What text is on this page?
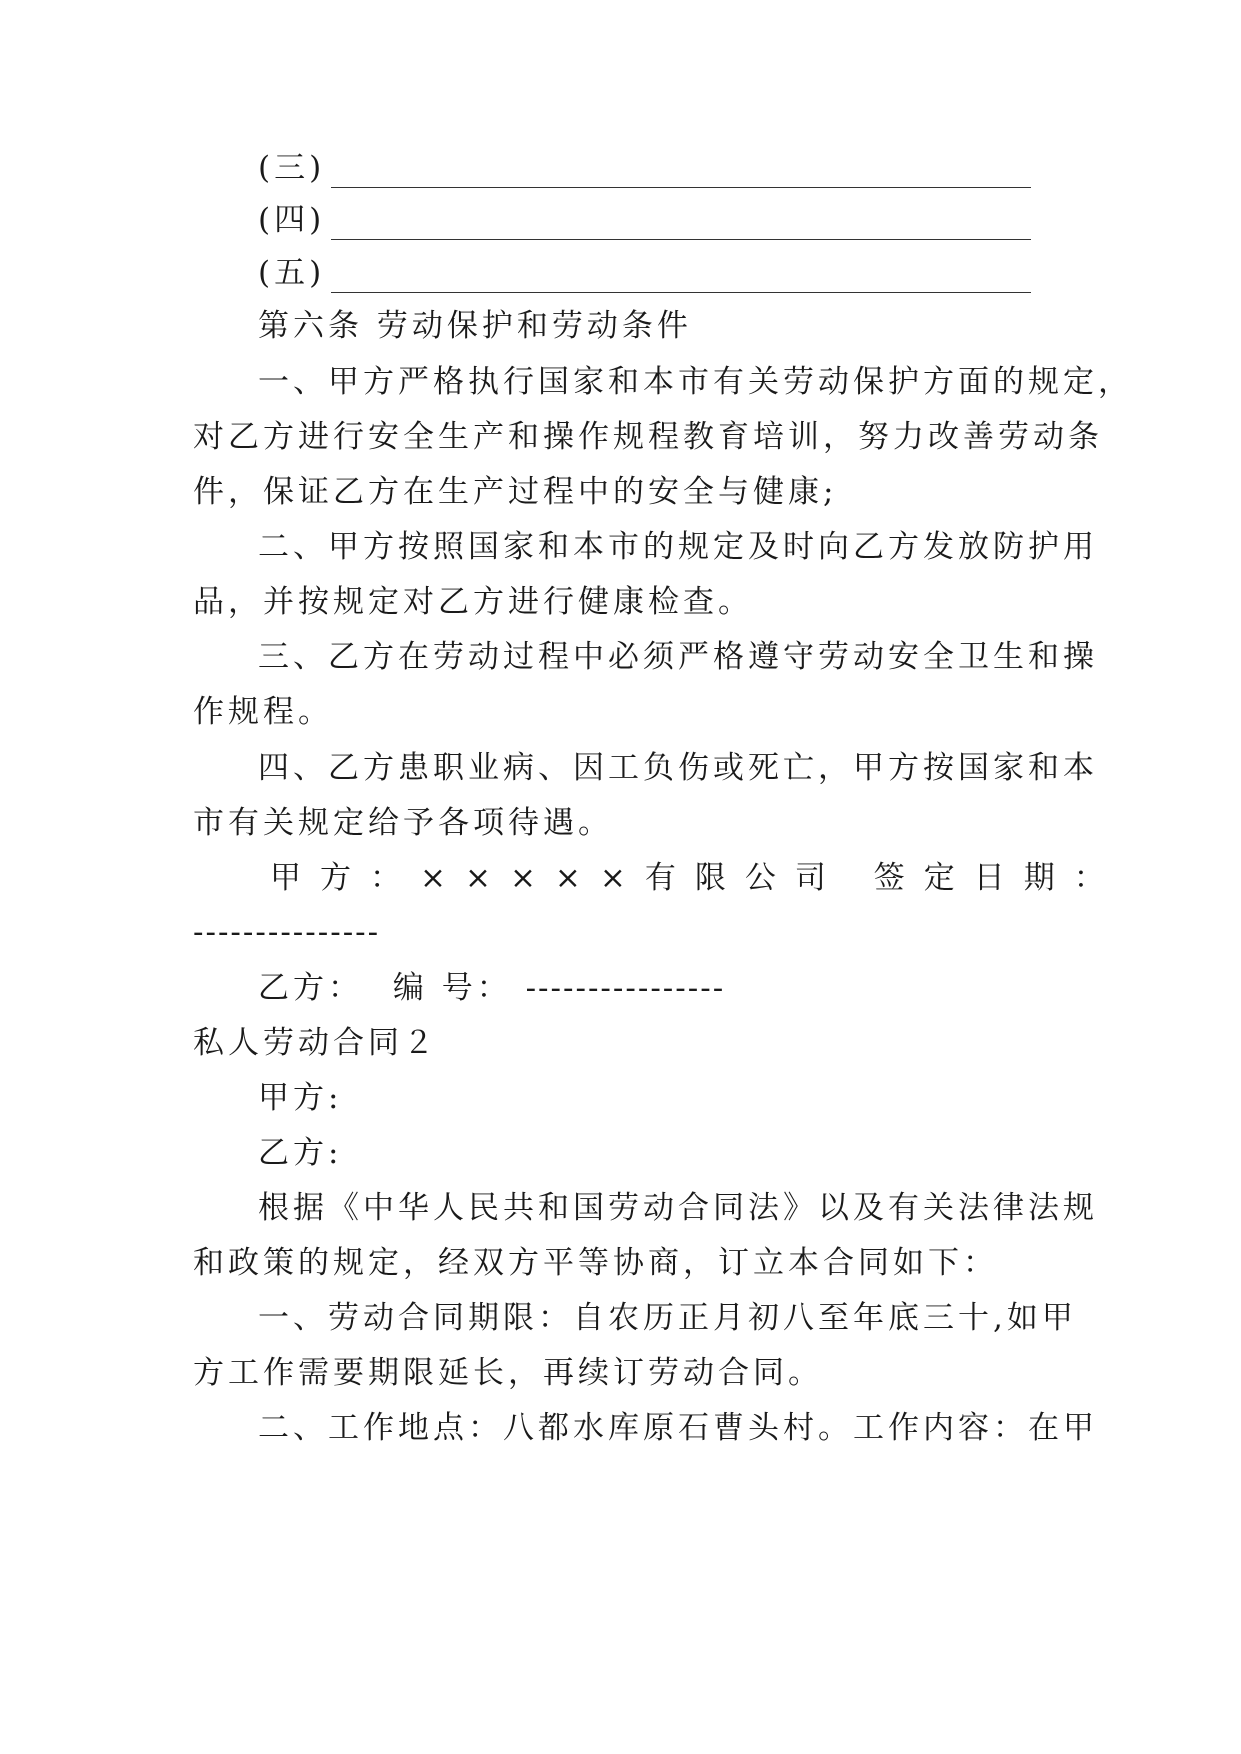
(三)
(四)
(五)
第六条 劳动保护和劳动条件
一、甲方严格执行国家和本市有关劳动保护方面的规定，
对乙方进行安全生产和操作规程教育培训，努力改善劳动条
件，保证乙方在生产过程中的安全与健康;
二、甲方按照国家和本市的规定及时向乙方发放防护用
品，并按规定对乙方进行健康检查。
三、乙方在劳动过程中必须严格遵守劳动安全卫生和操
作规程。
四、乙方患职业病、因工负伤或死亡，甲方按国家和本
市有关规定给予各项待遇。
甲方：×××××有限公司 签定日期：
---------------
乙方： 编 号： ----------------
私人劳动合同２
甲方:
乙方:
根据《中华人民共和国劳动合同法》以及有关法律法规
和政策的规定，经双方平等协商，订立本合同如下：
一、劳动合同期限：自农历正月初八至年底三十,如甲
方工作需要期限延长，再续订劳动合同。
二、工作地点：八都水库原石曹头村。工作内容：在甲
